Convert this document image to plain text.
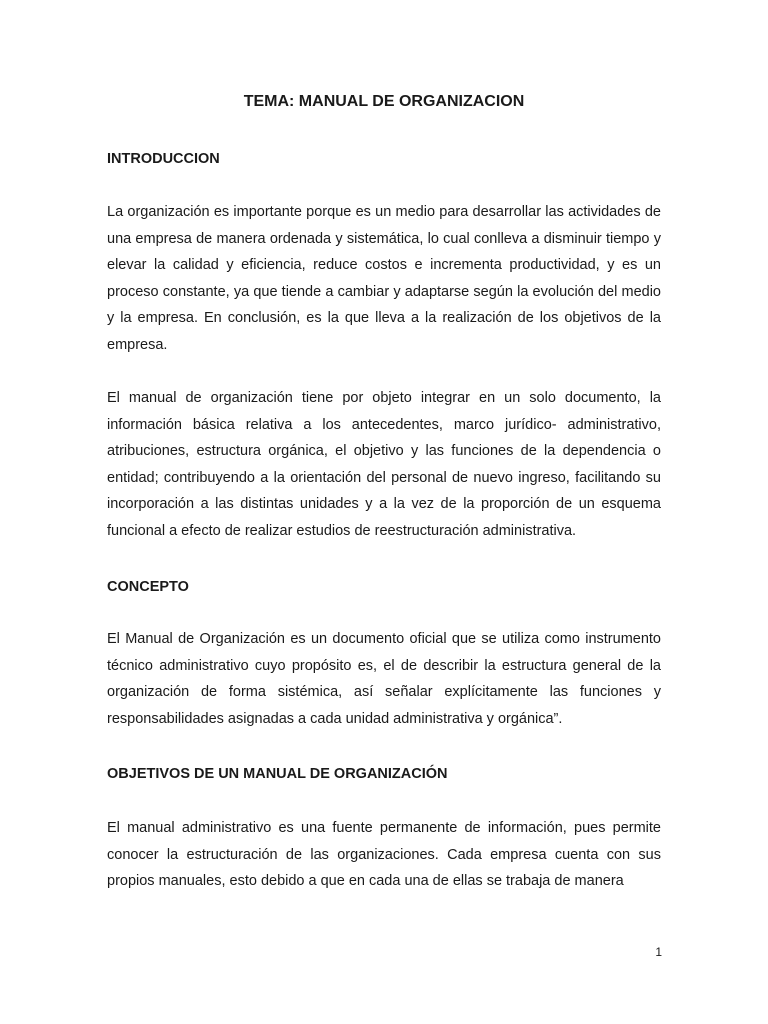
TEMA: MANUAL DE ORGANIZACION
INTRODUCCION

La organización es importante porque es un medio para desarrollar las actividades de una empresa de manera ordenada y sistemática, lo cual conlleva a disminuir tiempo y elevar la calidad y eficiencia, reduce costos e incrementa productividad, y es un proceso constante, ya que tiende a cambiar y adaptarse según la evolución del medio y la empresa. En conclusión, es la que lleva a la realización de los objetivos de la empresa.

El manual de organización tiene por objeto integrar en un solo documento, la información básica relativa a los antecedentes, marco jurídico- administrativo, atribuciones, estructura orgánica, el objetivo y las funciones de la dependencia o entidad; contribuyendo a la orientación del personal de nuevo ingreso, facilitando su incorporación a las distintas unidades y a la vez de la proporción de un esquema funcional a efecto de realizar estudios de reestructuración administrativa.

CONCEPTO

El Manual de Organización es un documento oficial que se utiliza como instrumento técnico administrativo cuyo propósito es, el de describir la estructura general de la organización de forma sistémica, así señalar explícitamente las funciones y responsabilidades asignadas a cada unidad administrativa y orgánica”.

OBJETIVOS DE UN MANUAL DE ORGANIZACIÓN

El manual administrativo es una fuente permanente de información, pues permite conocer la estructuración de las organizaciones. Cada empresa cuenta con sus propios manuales, esto debido a que en cada una de ellas se trabaja de manera

1
